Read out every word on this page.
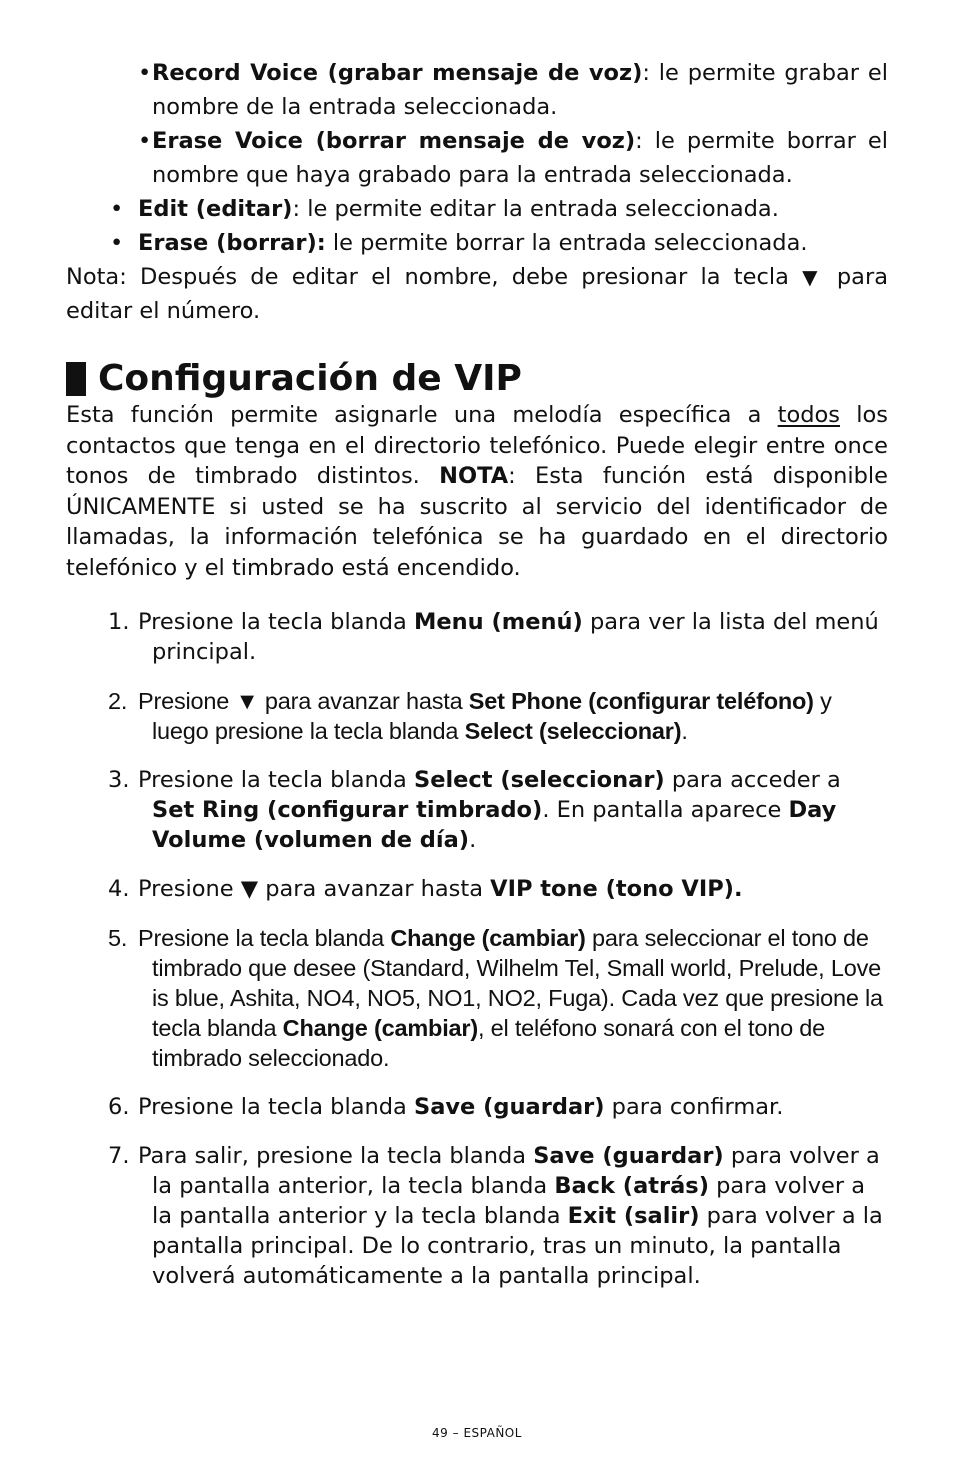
•Record Voice (grabar mensaje de voz): le permite grabar el nombre de la entrada seleccionada.
•Erase Voice (borrar mensaje de voz): le permite borrar el nombre que haya grabado para la entrada seleccionada.
• Edit (editar): le permite editar la entrada seleccionada.
• Erase (borrar): le permite borrar la entrada seleccionada.
Nota: Después de editar el nombre, debe presionar la tecla ▼ para editar el número.
Configuración de VIP

Esta función permite asignarle una melodía específica a todos los contactos que tenga en el directorio telefónico. Puede elegir entre once tonos de timbrado distintos. NOTA: Esta función está disponible ÚNICAMENTE si usted se ha suscrito al servicio del identificador de llamadas, la información telefónica se ha guardado en el directorio telefónico y el timbrado está encendido.

1. Presione la tecla blanda Menu (menú) para ver la lista del menú principal.
2. Presione ▼ para avanzar hasta Set Phone (configurar teléfono) y luego presione la tecla blanda Select (seleccionar).
3. Presione la tecla blanda Select (seleccionar) para acceder a Set Ring (configurar timbrado). En pantalla aparece Day Volume (volumen de día).
4. Presione ▼ para avanzar hasta VIP tone (tono VIP).
5. Presione la tecla blanda Change (cambiar) para seleccionar el tono de timbrado que desee (Standard, Wilhelm Tel, Small world, Prelude, Love is blue, Ashita, NO4, NO5, NO1, NO2, Fuga). Cada vez que presione la tecla blanda Change (cambiar), el teléfono sonará con el tono de timbrado seleccionado.
6. Presione la tecla blanda Save (guardar) para confirmar.
7. Para salir, presione la tecla blanda Save (guardar) para volver a la pantalla anterior, la tecla blanda Back (atrás) para volver a la pantalla anterior y la tecla blanda Exit (salir) para volver a la pantalla principal. De lo contrario, tras un minuto, la pantalla volverá automáticamente a la pantalla principal.
49 – ESPAÑOL
